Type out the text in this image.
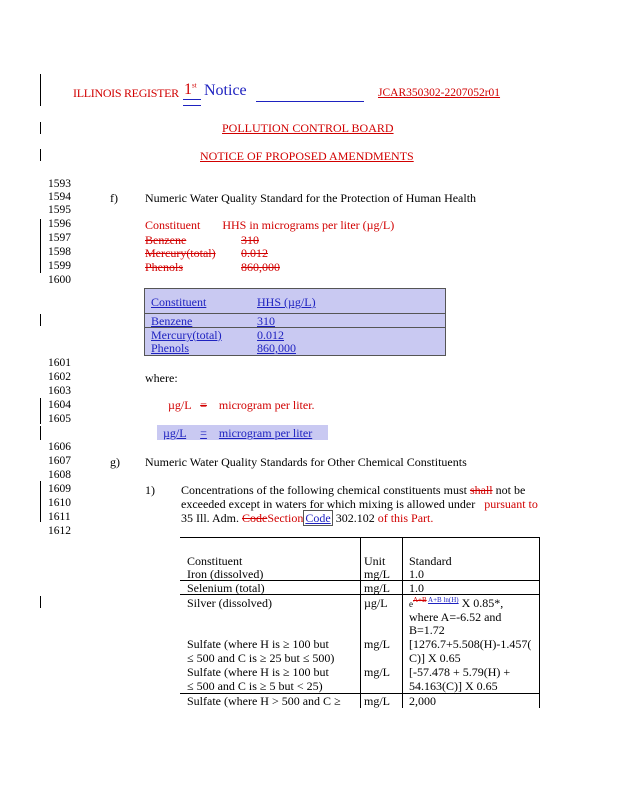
ILLINOIS REGISTER 1st Notice	JCAR350302-2207052r01
POLLUTION CONTROL BOARD
NOTICE OF PROPOSED AMENDMENTS
1593
1594
1595
1596
1597
1598
1599
1600
1601
1602
1603
1604
1605
1606
1607
1608
1609
1610
1611
1612
f) Numeric Water Quality Standard for the Protection of Human Health
Constituent HHS in micrograms per liter (µg/L)
Benzene	310
Mercury(total)	0.012
Phenols	860,000
Constituent	HHS (µg/L)
Benzene	310
Mercury(total)	0.012
Phenols	860,000
where:
µg/L = microgram per liter.
µg/L = microgram per liter
g) Numeric Water Quality Standards for Other Chemical Constituents
1) Concentrations of the following chemical constituents must shall not be
exceeded except in waters for which mixing is allowed under pursuant to
35 Ill. Adm. CodeSection Code 302.102 of this Part.
Constituent	Unit Standard
Iron (dissolved)	mg/L 1.0
Selenium (total)	mg/L 1.0
Silver (dissolved)	µg/L $e^{A+B A+B ln(H)}$ X 0.85*,
where A=-6.52 and
B=1.72
Sulfate (where H is ≥ 100 but
≤ 500 and C is ≥ 25 but ≤ 500)
mg/L [1276.7+5.508(H)-1.457(
C)] X 0.65
Sulfate (where H is ≥ 100 but
≤ 500 and C is ≥ 5 but < 25)
mg/L [-57.478 + 5.79(H) +
54.163(C)] X 0.65
Sulfate (where H > 500 and C ≥ mg/L 2,000
